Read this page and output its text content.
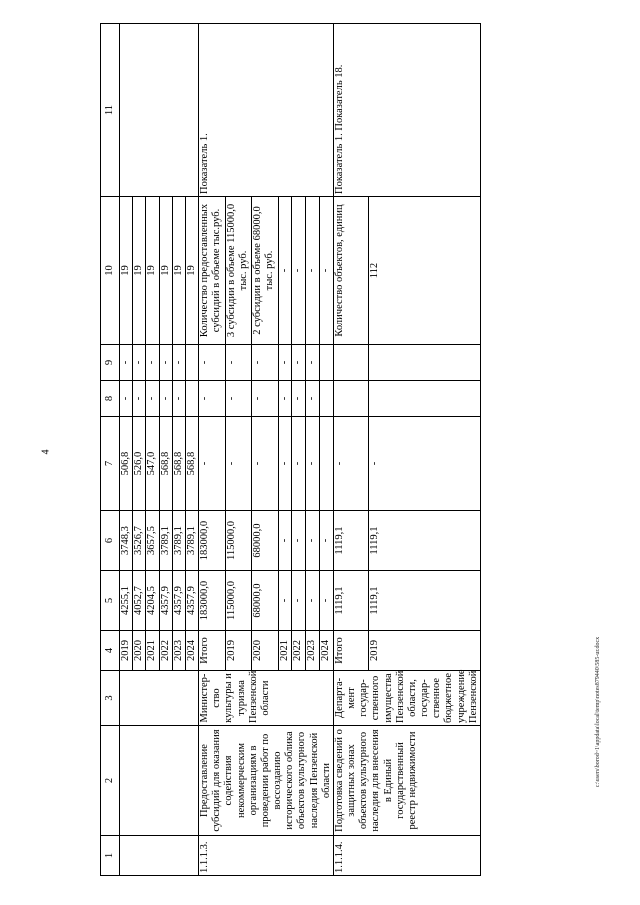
4
c:\users\borod~1\appdata\local\temp\notes879440\585-ur.docx
1	2	3	4	5	6	7	8	9	10	11
			2019	4255,1	3748,3	506,8	-	-	19	
			2020	4052,7	3526,7	526,0	-	-	19	
			2021	4204,5	3657,5	547,0	-	-	19	
			2022	4357,9	3789,1	568,8	-	-	19	
			2023	4357,9	3789,1	568,8	-	-	19	
			2024	4357,9	3789,1	568,8			19	
1.1.1.3.	Предоставление субсидий для оказания содействия некоммерческим организациям в проведении работ по воссозданию исторического облика объектов культурного наследия Пензенской области	Министер-ство культуры и туризма Пензенской области	Итого	183000,0	183000,0	-	-	-	Количество предоставленных субсидий в объеме тыс.руб.	Показатель 1.
			2019	115000,0	115000,0	-	-	-	3 субсидии в объеме 115000,0 тыс. руб.	
			2020	68000,0	68000,0	-	-	-	2 субсидии в объеме 68000,0 тыс. руб.	
			2021	-	-	-	-	-	-	
			2022	-	-	-	-	-	-	
			2023	-	-	-	-	-	-	
			2024	-	-				-	
1.1.1.4.	Подготовка сведений о защитных зонах объектов культурного наследия для внесения в Единый государственный реестр недвижимости	Департа-мент государ-ственного имущества Пензенской области, государ-ственное бюджетное учреждение Пензенской	Итого	1119,1	1119,1	-			Количество объектов, единиц	Показатель 1. Показатель 18.
			2019	1119,1	1119,1	-			112	
